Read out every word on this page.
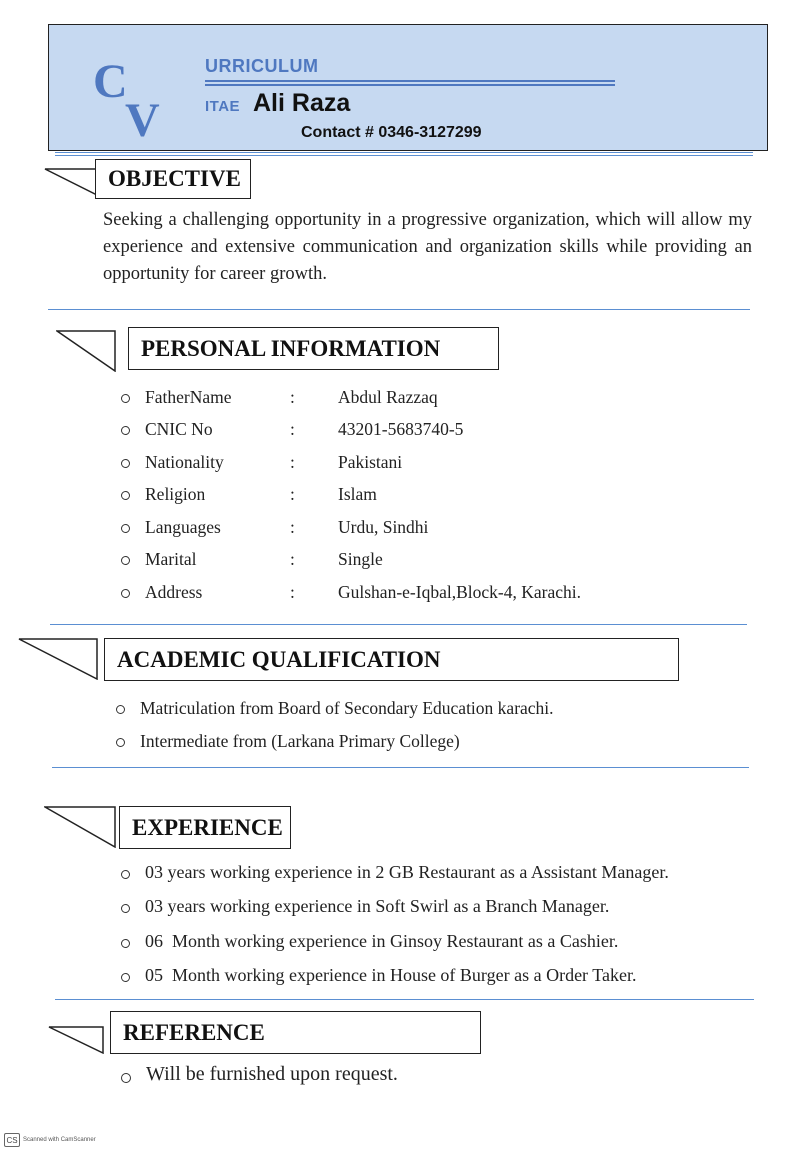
C
V
URRICULUM
ITAE Ali Raza
Contact # 0346-3127299
OBJECTIVE

Seeking a challenging opportunity in a progressive organization, which will allow my experience and extensive communication and organization skills while providing an opportunity for career growth.

PERSONAL INFORMATION
FatherName	: Abdul Razzaq
CNIC No	: 43201-5683740-5
Nationality	: Pakistani
Religion	: Islam
Languages	: Urdu, Sindhi
Marital	: Single
Address	: Gulshan-e-Iqbal,Block-4, Karachi.
ACADEMIC QUALIFICATION
Matriculation from Board of Secondary Education karachi.
Intermediate from (Larkana Primary College)
EXPERIENCE
03 years working experience in 2 GB Restaurant as a Assistant Manager.
03 years working experience in Soft Swirl as a Branch Manager.
06  Month working experience in Ginsoy Restaurant as a Cashier.
05  Month working experience in House of Burger as a Order Taker.
REFERENCE
Will be furnished upon request.
CS Scanned with CamScanner
